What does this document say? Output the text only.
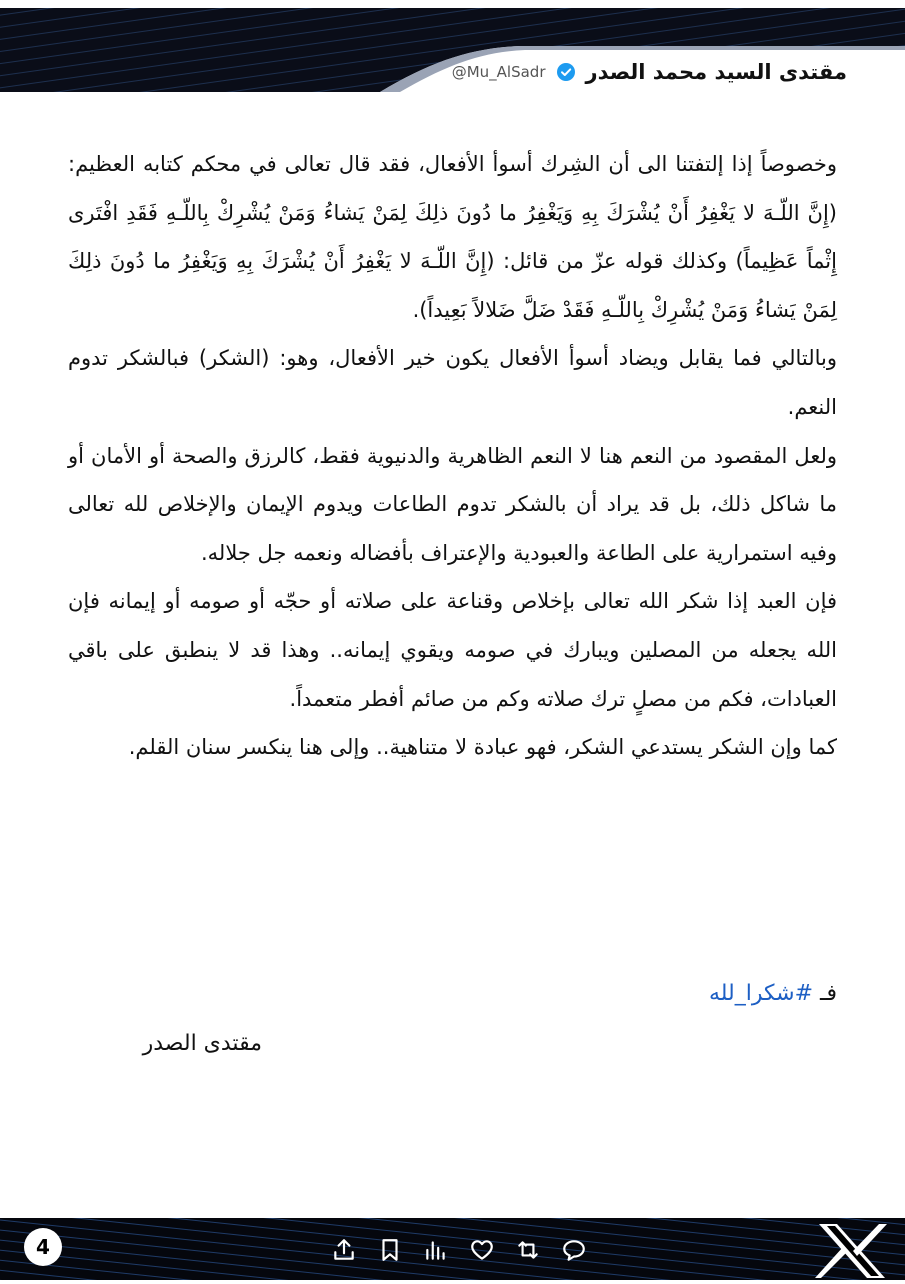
@Mu_AlSadr مقتدى السيد محمد الصدر

وخصوصاً إذا إلتفتنا الى أن الشِرك أسوأ الأفعال، فقد قال تعالى في محكم كتابه العظيم: (إِنَّ اللّـهَ لا يَغْفِرُ أَنْ يُشْرَكَ بِهِ وَيَغْفِرُ ما دُونَ ذلِكَ لِمَنْ يَشاءُ وَمَنْ يُشْرِكْ بِاللّـهِ فَقَدِ افْتَرى إِثْماً عَظِيماً) وكذلك قوله عزّ من قائل: (إِنَّ اللّـهَ لا يَغْفِرُ أَنْ يُشْرَكَ بِهِ وَيَغْفِرُ ما دُونَ ذلِكَ لِمَنْ يَشاءُ وَمَنْ يُشْرِكْ بِاللّـهِ فَقَدْ ضَلَّ ضَلالاً بَعِيداً).

وبالتالي فما يقابل ويضاد أسوأ الأفعال يكون خير الأفعال، وهو: (الشكر) فبالشكر تدوم النعم.

ولعل المقصود من النعم هنا لا النعم الظاهرية والدنيوية فقط، كالرزق والصحة أو الأمان أو ما شاكل ذلك، بل قد يراد أن بالشكر تدوم الطاعات ويدوم الإيمان والإخلاص لله تعالى وفيه استمرارية على الطاعة والعبودية والإعتراف بأفضاله ونعمه جل جلاله.

فإن العبد إذا شكر الله تعالى بإخلاص وقناعة على صلاته أو حجّه أو صومه أو إيمانه فإن الله يجعله من المصلين ويبارك في صومه ويقوي إيمانه.. وهذا قد لا ينطبق على باقي العبادات، فكم من مصلٍ ترك صلاته وكم من صائم أفطر متعمداً.

كما وإن الشكر يستدعي الشكر، فهو عبادة لا متناهية.. وإلى هنا ينكسر سنان القلم.

فـ #شكرا_لله
مقتدى الصدر
4
